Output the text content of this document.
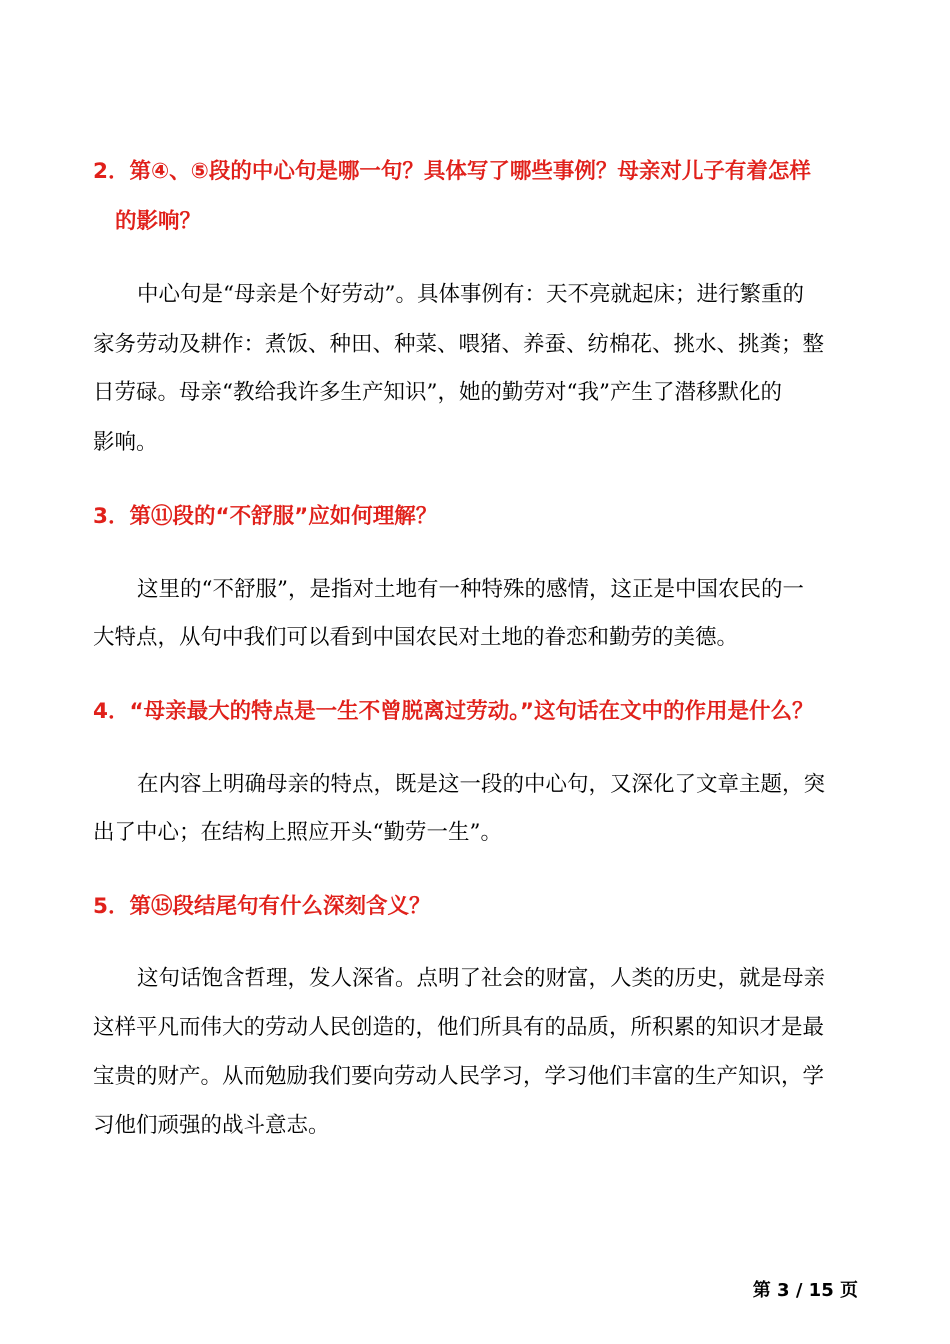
2．第④、⑤段的中心句是哪一句？具体写了哪些事例？母亲对儿子有着怎样
的影响？
中心句是“母亲是个好劳动”。具体事例有：天不亮就起床；进行繁重的
家务劳动及耕作：煮饭、种田、种菜、喂猪、养蚕、纺棉花、挑水、挑粪；整
日劳碌。母亲“教给我许多生产知识”，她的勤劳对“我”产生了潜移默化的
影响。
3．第⑪段的“不舒服”应如何理解？
这里的“不舒服”，是指对土地有一种特殊的感情，这正是中国农民的一
大特点，从句中我们可以看到中国农民对土地的眷恋和勤劳的美德。
4．“母亲最大的特点是一生不曾脱离过劳动。”这句话在文中的作用是什么？
在内容上明确母亲的特点，既是这一段的中心句，又深化了文章主题，突
出了中心；在结构上照应开头“勤劳一生”。
5．第⑮段结尾句有什么深刻含义？
这句话饱含哲理，发人深省。点明了社会的财富，人类的历史，就是母亲
这样平凡而伟大的劳动人民创造的，他们所具有的品质，所积累的知识才是最
宝贵的财产。从而勉励我们要向劳动人民学习，学习他们丰富的生产知识，学
习他们顽强的战斗意志。
第 3 / 15 页
